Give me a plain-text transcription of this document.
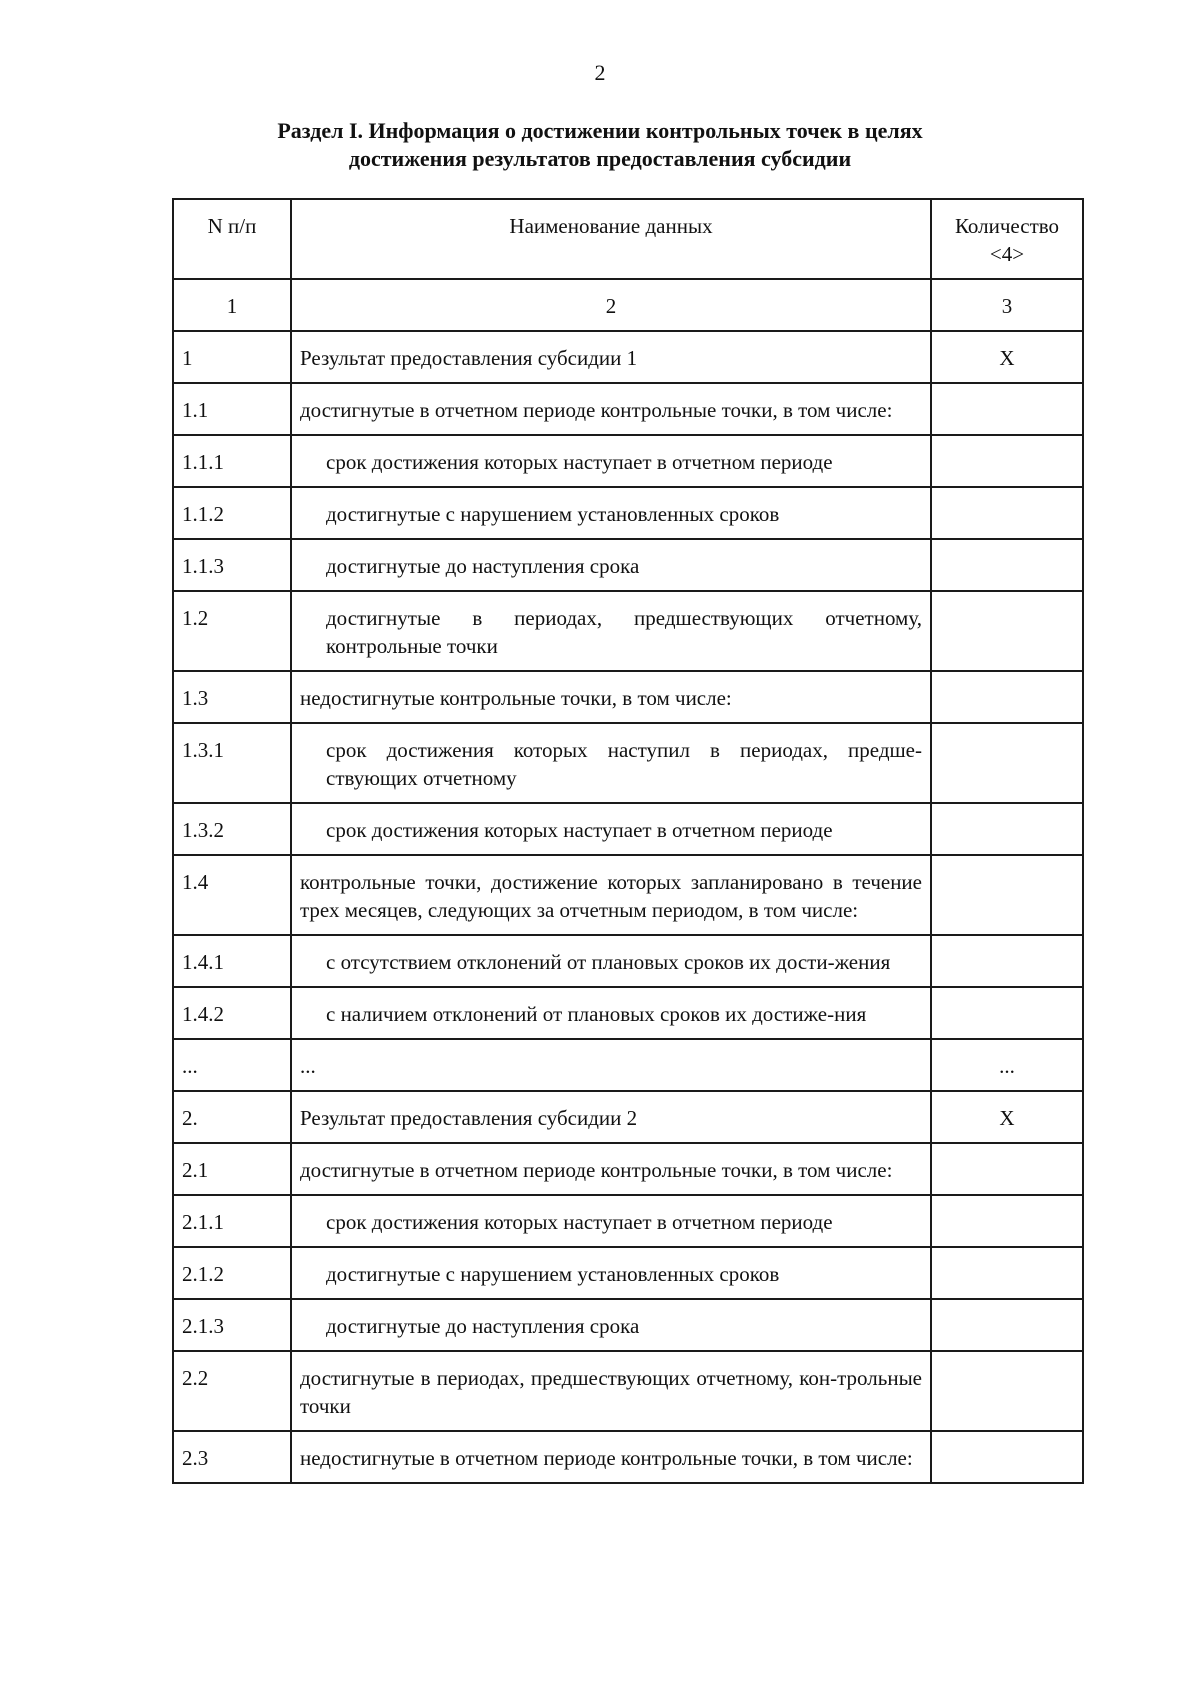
2
Раздел I. Информация о достижении контрольных точек в целях
достижения результатов предоставления субсидии
N п/п	Наименование данных	Количество
<4>

1	2	3
1	Результат предоставления субсидии 1	X
1.1	достигнутые в отчетном периоде контрольные точки, в том числе:	
1.1.1	срок достижения которых наступает в отчетном периоде	
1.1.2	достигнутые с нарушением установленных сроков	
1.1.3	достигнутые до наступления срока	
1.2	достигнутые в периодах, предшествующих отчетному, контрольные точки	
1.3	недостигнутые контрольные точки, в том числе:	
1.3.1	срок достижения которых наступил в периодах, предше-ствующих отчетному	
1.3.2	срок достижения которых наступает в отчетном периоде	
1.4	контрольные точки, достижение которых запланировано в течение трех месяцев, следующих за отчетным периодом, в том числе:	
1.4.1	с отсутствием отклонений от плановых сроков их дости-жения	
1.4.2	с наличием отклонений от плановых сроков их достиже-ния	
...	...	...
2.	Результат предоставления субсидии 2	X
2.1	достигнутые в отчетном периоде контрольные точки, в том числе:	
2.1.1	срок достижения которых наступает в отчетном периоде	
2.1.2	достигнутые с нарушением установленных сроков	
2.1.3	достигнутые до наступления срока	
2.2	достигнутые в периодах, предшествующих отчетному, кон-трольные точки	
2.3	недостигнутые в отчетном периоде контрольные точки, в том числе:	
